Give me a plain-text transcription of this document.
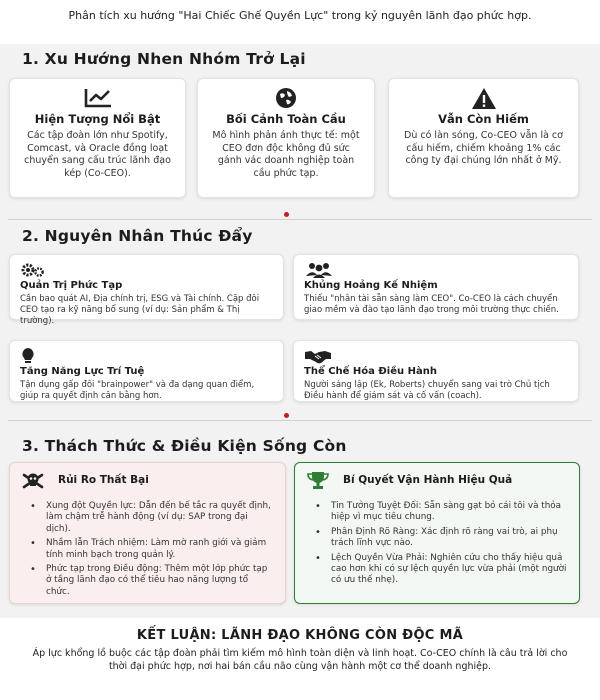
Phân tích xu hướng "Hai Chiếc Ghế Quyền Lực" trong kỷ nguyên lãnh đạo phức hợp.
1. Xu Hướng Nhen Nhóm Trở Lại
Hiện Tượng Nổi Bật
Các tập đoàn lớn như Spotify, Comcast, và Oracle đồng loạt chuyển sang cấu trúc lãnh đạo kép (Co-CEO).
Bối Cảnh Toàn Cầu
Mô hình phản ánh thực tế: một CEO đơn độc không đủ sức gánh vác doanh nghiệp toàn cầu phức tạp.
Vẫn Còn Hiếm
Dù có làn sóng, Co-CEO vẫn là cơ cấu hiếm, chiếm khoảng 1% các công ty đại chúng lớn nhất ở Mỹ.
2. Nguyên Nhân Thúc Đẩy
Quản Trị Phức Tạp
Cần bao quát AI, Địa chính trị, ESG và Tài chính. Cặp đôi CEO tạo ra kỹ năng bổ sung (ví dụ: Sản phẩm & Thị trường).
Khủng Hoảng Kế Nhiệm
Thiếu "nhân tài sẵn sàng làm CEO". Co-CEO là cách chuyển giao mềm và đào tạo lãnh đạo trong môi trường thực chiến.
Tăng Năng Lực Trí Tuệ
Tận dụng gấp đôi "brainpower" và đa dạng quan điểm, giúp ra quyết định cân bằng hơn.
Thể Chế Hóa Điều Hành
Người sáng lập (Ek, Roberts) chuyển sang vai trò Chủ tịch Điều hành để giám sát và cố vấn (coach).
3. Thách Thức & Điều Kiện Sống Còn
Rủi Ro Thất Bại
• Xung đột Quyền lực: Dẫn đến bế tắc ra quyết định, làm chậm trễ hành động (ví dụ: SAP trong đại dịch).
• Nhầm lẫn Trách nhiệm: Làm mờ ranh giới và giảm tính minh bạch trong quản lý.
• Phức tạp trong Điều động: Thêm một lớp phức tạp ở tầng lãnh đạo có thể tiêu hao năng lượng tổ chức.
Bí Quyết Vận Hành Hiệu Quả
• Tin Tưởng Tuyệt Đối: Sẵn sàng gạt bỏ cái tôi và thỏa hiệp vì mục tiêu chung.
• Phân Định Rõ Ràng: Xác định rõ ràng vai trò, ai phụ trách lĩnh vực nào.
• Lệch Quyền Vừa Phải: Nghiên cứu cho thấy hiệu quả cao hơn khi có sự lệch quyền lực vừa phải (một người có ưu thế nhẹ).
KẾT LUẬN: LÃNH ĐẠO KHÔNG CÒN ĐỘC MÃ
Áp lực khổng lồ buộc các tập đoàn phải tìm kiếm mô hình toàn diện và linh hoạt. Co-CEO chính là câu trả lời cho thời đại phức hợp, nơi hai bán cầu não cùng vận hành một cơ thể doanh nghiệp.
